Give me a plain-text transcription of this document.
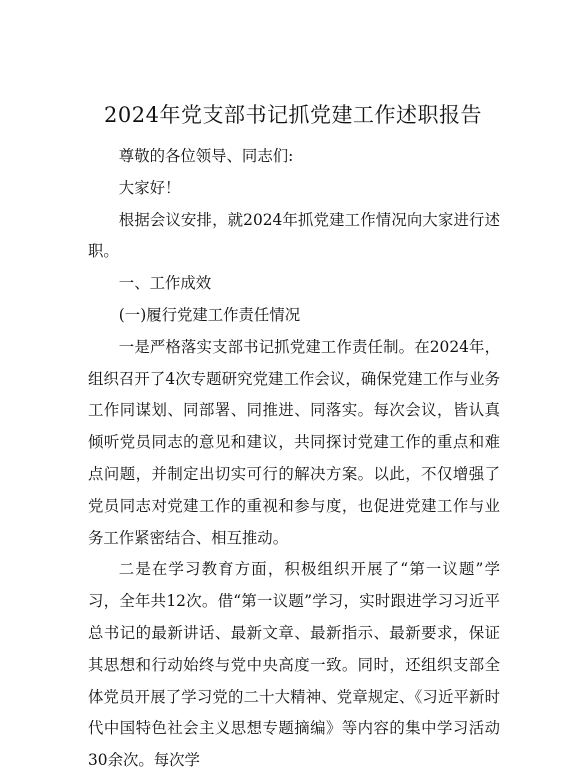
2024年党支部书记抓党建工作述职报告

尊敬的各位领导、同志们:

大家好！

根据会议安排，就2024年抓党建工作情况向大家进行述职。

一、工作成效

(一)履行党建工作责任情况

一是严格落实支部书记抓党建工作责任制。在2024年，组织召开了4次专题研究党建工作会议，确保党建工作与业务工作同谋划、同部署、同推进、同落实。每次会议，皆认真倾听党员同志的意见和建议，共同探讨党建工作的重点和难点问题，并制定出切实可行的解决方案。以此，不仅增强了党员同志对党建工作的重视和参与度，也促进党建工作与业务工作紧密结合、相互推动。

二是在学习教育方面，积极组织开展了“第一议题”学习，全年共12次。借“第一议题”学习，实时跟进学习习近平总书记的最新讲话、最新文章、最新指示、最新要求，保证其思想和行动始终与党中央高度一致。同时，还组织支部全体党员开展了学习党的二十大精神、党章规定、《习近平新时代中国特色社会主义思想专题摘编》等内容的集中学习活动30余次。每次学
